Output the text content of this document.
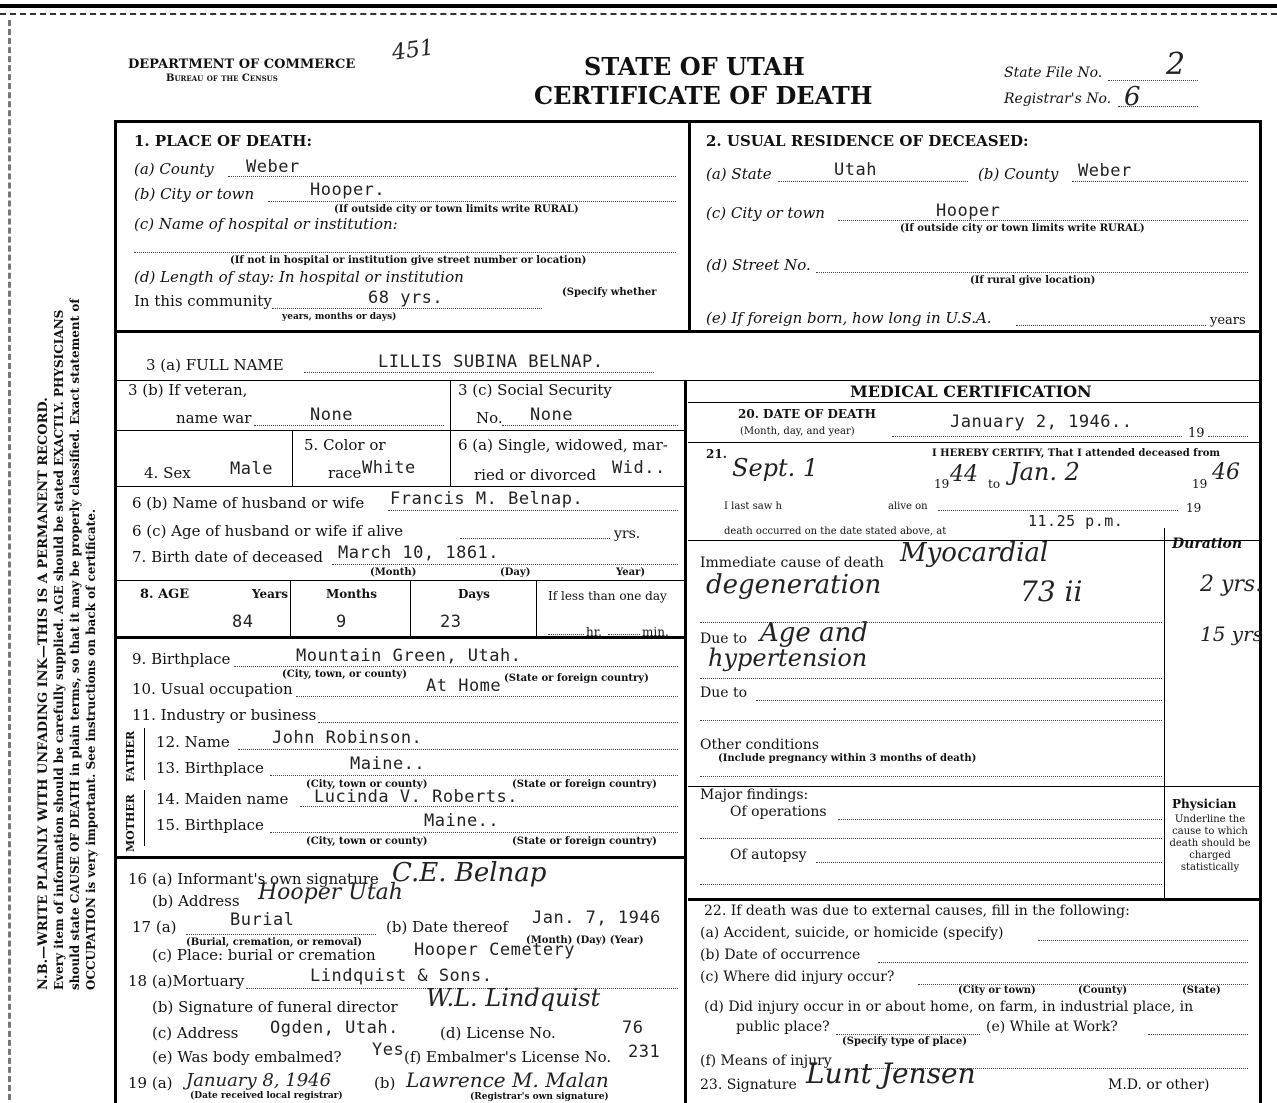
N.B.—WRITE PLAINLY WITH UNFADING INK—THIS IS A PERMANENT RECORD. Every item of information should be carefully supplied. AGE should be stated EXACTLY. PHYSICIANS should state CAUSE OF DEATH in plain terms, so that it may be properly classified. Exact statement of OCCUPATION is very important. See instructions on back of certificate.
DEPARTMENT OF COMMERCE
Bureau of the Census
451
STATE OF UTAH
CERTIFICATE OF DEATH
State File No. 2
Registrar's No. 6
1. PLACE OF DEATH:
(a) County Weber
(b) City or town	Hooper.
(If outside city or town limits write RURAL)
(c) Name of hospital or institution:
(If not in hospital or institution give street number or location)
(d) Length of stay: In hospital or institution
In this community	68 yrs.	(Specify whether
years, months or days)
2. USUAL RESIDENCE OF DECEASED:
(a) State	Utah	(b) County Weber
(c) City or town	Hooper
(If outside city or town limits write RURAL)
(d) Street No.
(If rural give location)
(e) If foreign born, how long in U.S.A.	years
3 (a) FULL NAME	LILLIS SUBINA BELNAP.
3 (b) If veteran,
name war	None
3 (c) Social Security
No. None
4. Sex Male
5. Color or
race White
6 (a) Single, widowed, mar-
ried or divorced Wid..
6 (b) Name of husband or wife Francis M. Belnap.
6 (c) Age of husband or wife if alive	yrs.
7. Birth date of deceased March 10, 1861.
(Month)	(Day)	Year)
8. AGE	Years	Months	Days	If less than one day
84	9	23	hr.	min.
9. Birthplace	Mountain Green, Utah.
(City, town, or county)	(State or foreign country)
10. Usual occupation	At Home
11. Industry or business
FATHER 12. Name John Robinson.
13. Birthplace	Maine..
(City, town or county)	(State or foreign country)
MOTHER 14. Maiden name Lucinda V. Roberts.
15. Birthplace	Maine..
(City, town or county)	(State or foreign country)
16 (a) Informant's own signature C.E. Belnap
(b) Address Hooper Utah
17 (a)	Burial
(Burial, cremation, or removal)
(b) Date thereof Jan. 7, 1946
(Month) (Day) (Year)
(c) Place: burial or cremation Hooper Cemetery
18 (a)Mortuary	Lindquist & Sons.
(b) Signature of funeral director W.L. Lindquist
(c) Address Ogden, Utah.	(d) License No.	76
(e) Was body embalmed? Yes (f) Embalmer's License No. 231
19 (a) January 8, 1946
(Date received local registrar)
(b) Lawrence M. Malan
(Registrar's own signature)
MEDICAL CERTIFICATION
20. DATE OF DEATH
(Month, day, and year)	January 2, 1946..
19
21.	I HEREBY CERTIFY, That I attended deceased from
Sept. 1
19 44 to Jan. 2	19 46
I last saw h	alive on	19
death occurred on the date stated above, at
11.25 p.m.
Duration
Immediate cause of death Myocardial
degeneration	73 ii	2 yrs.
Due to Age and
hypertension
15 yrs
Due to
Other conditions
(Include pregnancy within 3 months of death)
Major findings:
Of operations
Of autopsy
Physician
Underline the cause to which death should be charged statistically
22. If death was due to external causes, fill in the following:
(a) Accident, suicide, or homicide (specify)
(b) Date of occurrence
(c) Where did injury occur?
(City or town)	(County)	(State)
(d) Did injury occur in or about home, on farm, in industrial place, in
public place?
(Specify type of place)
(e) While at Work?
(f) Means of injury
23. Signature Lunt Jensen	M.D. or other)
